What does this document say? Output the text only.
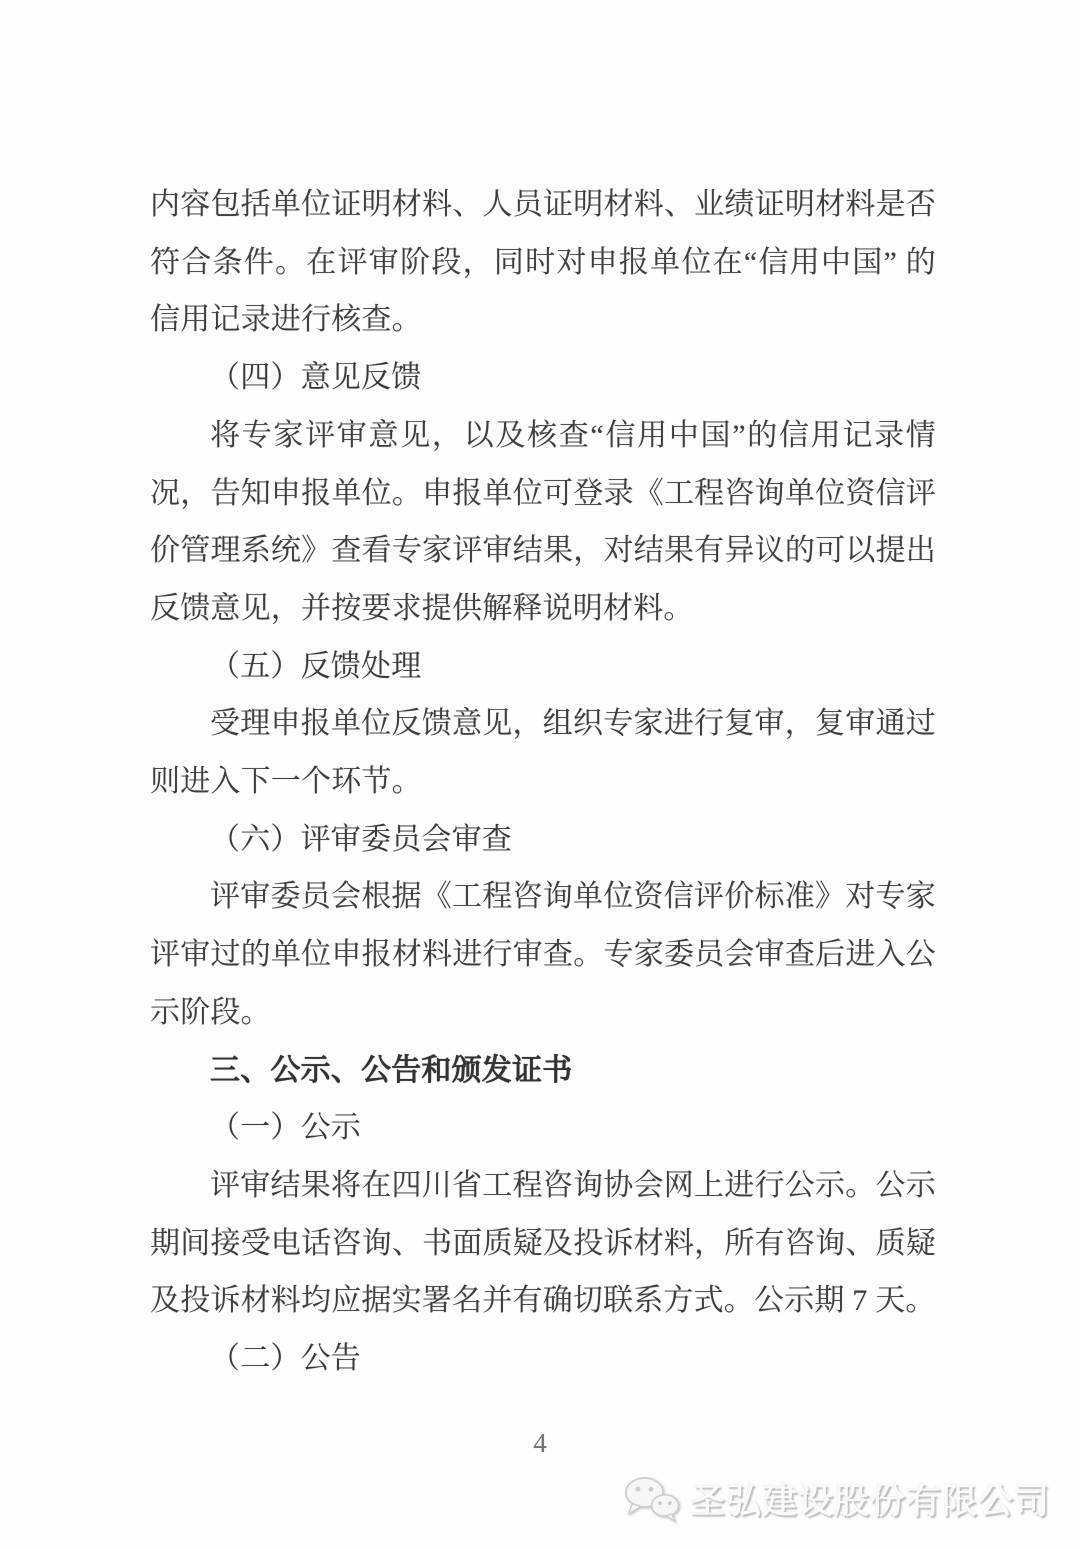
内容包括单位证明材料、人员证明材料、业绩证明材料是否符合条件。在评审阶段，同时对申报单位在“信用中国” 的信用记录进行核查。

（四）意见反馈

将专家评审意见，以及核查“信用中国”的信用记录情况，告知申报单位。申报单位可登录《工程咨询单位资信评价管理系统》查看专家评审结果，对结果有异议的可以提出反馈意见，并按要求提供解释说明材料。

（五）反馈处理

受理申报单位反馈意见，组织专家进行复审，复审通过则进入下一个环节。

（六）评审委员会审查

评审委员会根据《工程咨询单位资信评价标准》对专家评审过的单位申报材料进行审查。专家委员会审查后进入公示阶段。

三、公示、公告和颁发证书

（一）公示

评审结果将在四川省工程咨询协会网上进行公示。公示期间接受电话咨询、书面质疑及投诉材料，所有咨询、质疑及投诉材料均应据实署名并有确切联系方式。公示期 7 天。

（二）公告

4
圣弘建设股份有限公司
